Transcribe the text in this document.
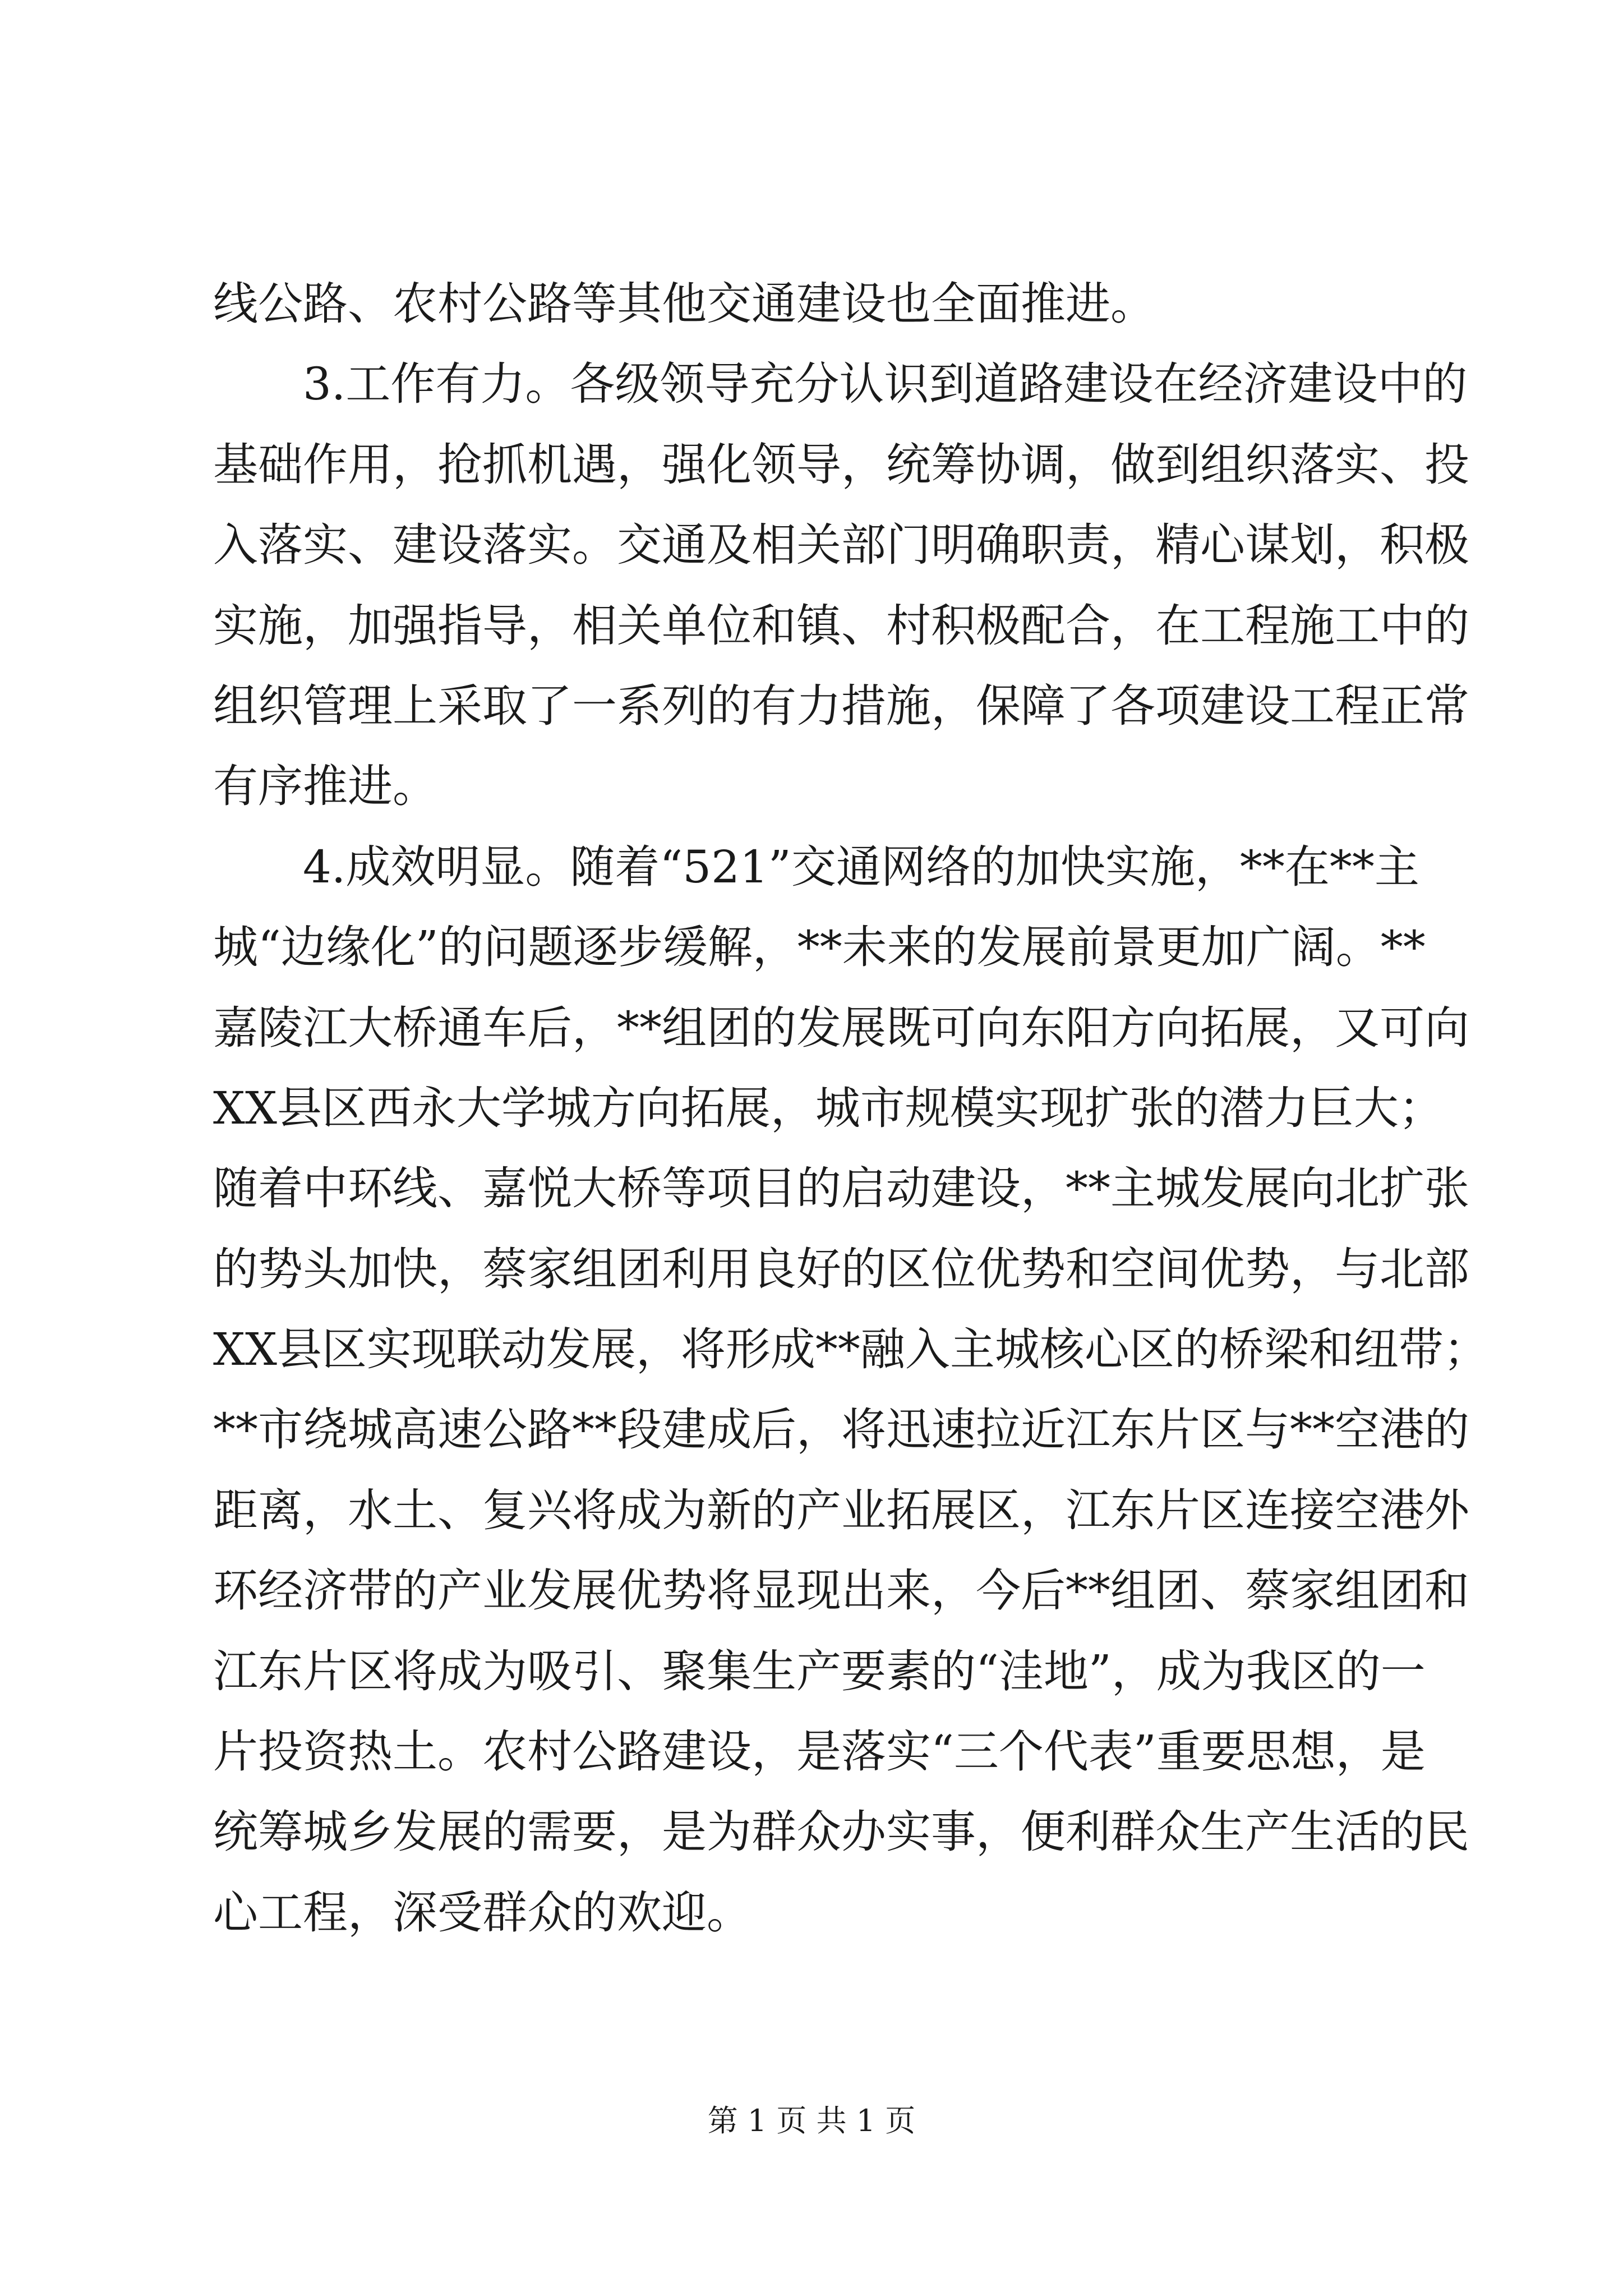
线公路、农村公路等其他交通建设也全面推进。
3.工作有力。各级领导充分认识到道路建设在经济建设中的
基础作用，抢抓机遇，强化领导，统筹协调，做到组织落实、投
入落实、建设落实。交通及相关部门明确职责，精心谋划，积极
实施，加强指导，相关单位和镇、村积极配合，在工程施工中的
组织管理上采取了一系列的有力措施，保障了各项建设工程正常
有序推进。
4.成效明显。随着“521”交通网络的加快实施，**在**主
城“边缘化”的问题逐步缓解，**未来的发展前景更加广阔。**
嘉陵江大桥通车后，**组团的发展既可向东阳方向拓展，又可向
XX县区西永大学城方向拓展，城市规模实现扩张的潜力巨大；
随着中环线、嘉悦大桥等项目的启动建设，**主城发展向北扩张
的势头加快，蔡家组团利用良好的区位优势和空间优势，与北部
XX县区实现联动发展，将形成**融入主城核心区的桥梁和纽带；
**市绕城高速公路**段建成后，将迅速拉近江东片区与**空港的
距离，水土、复兴将成为新的产业拓展区，江东片区连接空港外
环经济带的产业发展优势将显现出来，今后**组团、蔡家组团和
江东片区将成为吸引、聚集生产要素的“洼地”，成为我区的一
片投资热土。农村公路建设，是落实“三个代表”重要思想，是
统筹城乡发展的需要，是为群众办实事，便利群众生产生活的民
心工程，深受群众的欢迎。
第 1 页 共 1 页
